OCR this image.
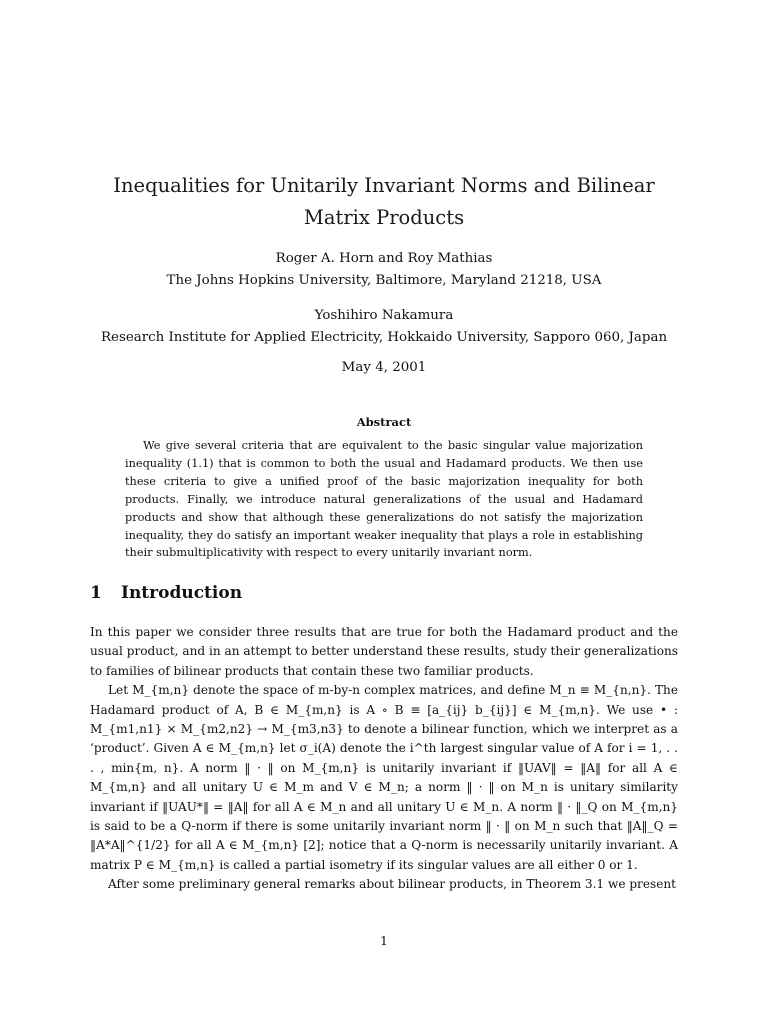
Inequalities for Unitarily Invariant Norms and Bilinear Matrix Products
Roger A. Horn and Roy Mathias
The Johns Hopkins University, Baltimore, Maryland 21218, USA
Yoshihiro Nakamura
Research Institute for Applied Electricity, Hokkaido University, Sapporo 060, Japan
May 4, 2001
Abstract

We give several criteria that are equivalent to the basic singular value majorization inequality (1.1) that is common to both the usual and Hadamard products. We then use these criteria to give a unified proof of the basic majorization inequality for both products. Finally, we introduce natural generalizations of the usual and Hadamard products and show that although these generalizations do not satisfy the majorization inequality, they do satisfy an important weaker inequality that plays a role in establishing their submultiplicativity with respect to every unitarily invariant norm.

1 Introduction

In this paper we consider three results that are true for both the Hadamard product and the usual product, and in an attempt to better understand these results, study their generalizations to families of bilinear products that contain these two familiar products.

Let M_{m,n} denote the space of m-by-n complex matrices, and define M_n ≡ M_{n,n}. The Hadamard product of A, B ∈ M_{m,n} is A ∘ B ≡ [a_{ij} b_{ij}] ∈ M_{m,n}. We use • : M_{m1,n1} × M_{m2,n2} → M_{m3,n3} to denote a bilinear function, which we interpret as a ‘product’. Given A ∈ M_{m,n} let σ_i(A) denote the i^th largest singular value of A for i = 1, . . . , min{m, n}. A norm ‖ · ‖ on M_{m,n} is unitarily invariant if ‖UAV‖ = ‖A‖ for all A ∈ M_{m,n} and all unitary U ∈ M_m and V ∈ M_n; a norm ‖ · ‖ on M_n is unitary similarity invariant if ‖UAU*‖ = ‖A‖ for all A ∈ M_n and all unitary U ∈ M_n. A norm ‖ · ‖_Q on M_{m,n} is said to be a Q-norm if there is some unitarily invariant norm ‖ · ‖ on M_n such that ‖A‖_Q = ‖A*A‖^{1/2} for all A ∈ M_{m,n} [2]; notice that a Q-norm is necessarily unitarily invariant. A matrix P ∈ M_{m,n} is called a partial isometry if its singular values are all either 0 or 1.

After some preliminary general remarks about bilinear products, in Theorem 3.1 we present

1
